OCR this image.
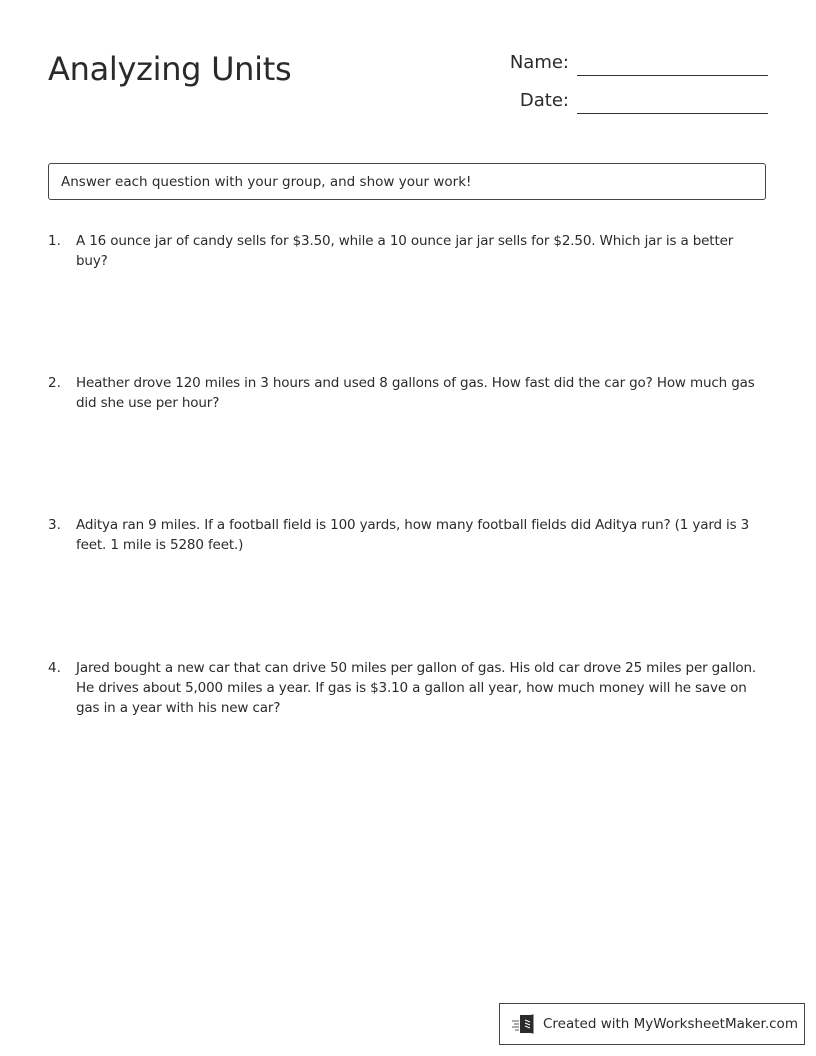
Analyzing Units	Name:
Date:
Answer each question with your group, and show your work!
1.	A 16 ounce jar of candy sells for $3.50, while a 10 ounce jar jar sells for $2.50. Which jar is a better buy?
2.	Heather drove 120 miles in 3 hours and used 8 gallons of gas. How fast did the car go? How much gas did she use per hour?
3.	Aditya ran 9 miles. If a football field is 100 yards, how many football fields did Aditya run? (1 yard is 3 feet. 1 mile is 5280 feet.)
4.	Jared bought a new car that can drive 50 miles per gallon of gas. His old car drove 25 miles per gallon. He drives about 5,000 miles a year. If gas is $3.10 a gallon all year, how much money will he save on gas in a year with his new car?
Created with MyWorksheetMaker.com
